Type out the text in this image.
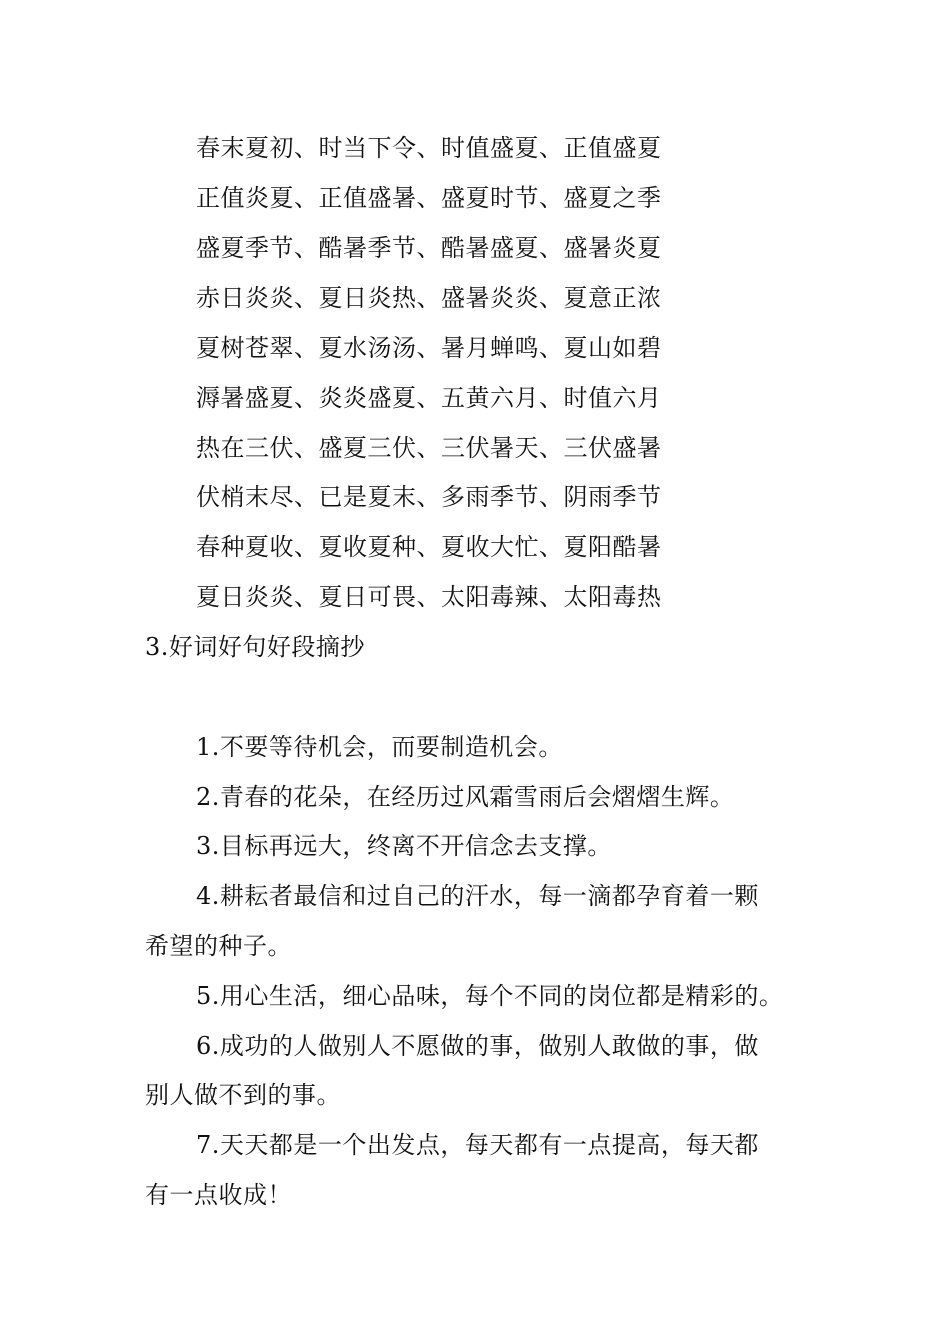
春末夏初、时当下令、时值盛夏、正值盛夏
正值炎夏、正值盛暑、盛夏时节、盛夏之季
盛夏季节、酷暑季节、酷暑盛夏、盛暑炎夏
赤日炎炎、夏日炎热、盛暑炎炎、夏意正浓
夏树苍翠、夏水汤汤、暑月蝉鸣、夏山如碧
溽暑盛夏、炎炎盛夏、五黄六月、时值六月
热在三伏、盛夏三伏、三伏暑天、三伏盛暑
伏梢末尽、已是夏末、多雨季节、阴雨季节
春种夏收、夏收夏种、夏收大忙、夏阳酷暑
夏日炎炎、夏日可畏、太阳毒辣、太阳毒热
3.好词好句好段摘抄
1.不要等待机会，而要制造机会。
2.青春的花朵，在经历过风霜雪雨后会熠熠生辉。
3.目标再远大，终离不开信念去支撑。
4.耕耘者最信和过自己的汗水，每一滴都孕育着一颗
希望的种子。
5.用心生活，细心品味，每个不同的岗位都是精彩的。
6.成功的人做别人不愿做的事，做别人敢做的事，做
别人做不到的事。
7.天天都是一个出发点，每天都有一点提高，每天都
有一点收成！
